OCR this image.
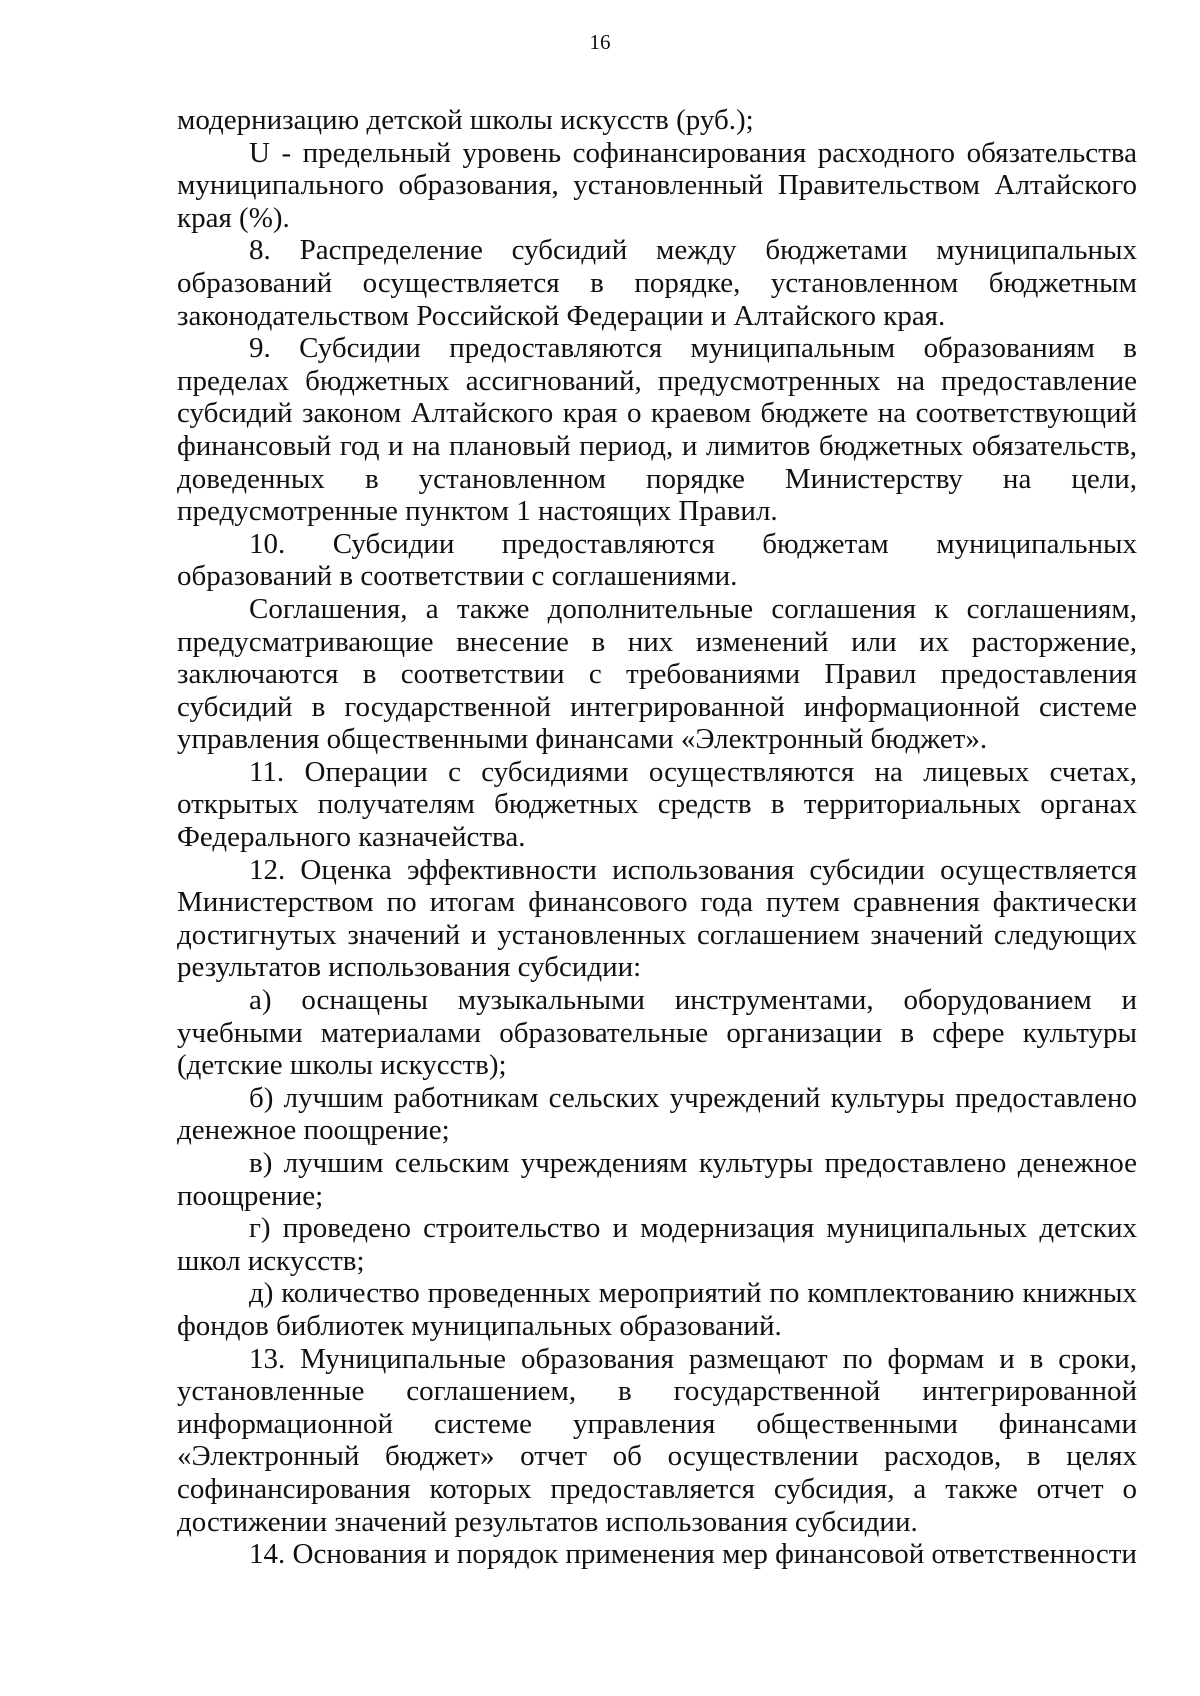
16

модернизацию детской школы искусств (руб.);

U - предельный уровень софинансирования расходного обязательства муниципального образования, установленный Правительством Алтайского края (%).

8. Распределение субсидий между бюджетами муниципальных образований осуществляется в порядке, установленном бюджетным законодательством Российской Федерации и Алтайского края.

9. Субсидии предоставляются муниципальным образованиям в пределах бюджетных ассигнований, предусмотренных на предоставление субсидий законом Алтайского края о краевом бюджете на соответствующий финансовый год и на плановый период, и лимитов бюджетных обязательств, доведенных в установленном порядке Министерству на цели, предусмотренные пунктом 1 настоящих Правил.

10. Субсидии предоставляются бюджетам муниципальных образований в соответствии с соглашениями.

Соглашения, а также дополнительные соглашения к соглашениям, предусматривающие внесение в них изменений или их расторжение, заключаются в соответствии с требованиями Правил предоставления субсидий в государственной интегрированной информационной системе управления общественными финансами «Электронный бюджет».

11. Операции с субсидиями осуществляются на лицевых счетах, открытых получателям бюджетных средств в территориальных органах Федерального казначейства.

12. Оценка эффективности использования субсидии осуществляется Министерством по итогам финансового года путем сравнения фактически достигнутых значений и установленных соглашением значений следующих результатов использования субсидии:

а) оснащены музыкальными инструментами, оборудованием и учебными материалами образовательные организации в сфере культуры (детские школы искусств);

б) лучшим работникам сельских учреждений культуры предоставлено денежное поощрение;

в) лучшим сельским учреждениям культуры предоставлено денежное поощрение;

г) проведено строительство и модернизация муниципальных детских школ искусств;

д) количество проведенных мероприятий по комплектованию книжных фондов библиотек муниципальных образований.

13. Муниципальные образования размещают по формам и в сроки, установленные соглашением, в государственной интегрированной информационной системе управления общественными финансами «Электронный бюджет» отчет об осуществлении расходов, в целях софинансирования которых предоставляется субсидия, а также отчет о достижении значений результатов использования субсидии.

14. Основания и порядок применения мер финансовой ответственности
